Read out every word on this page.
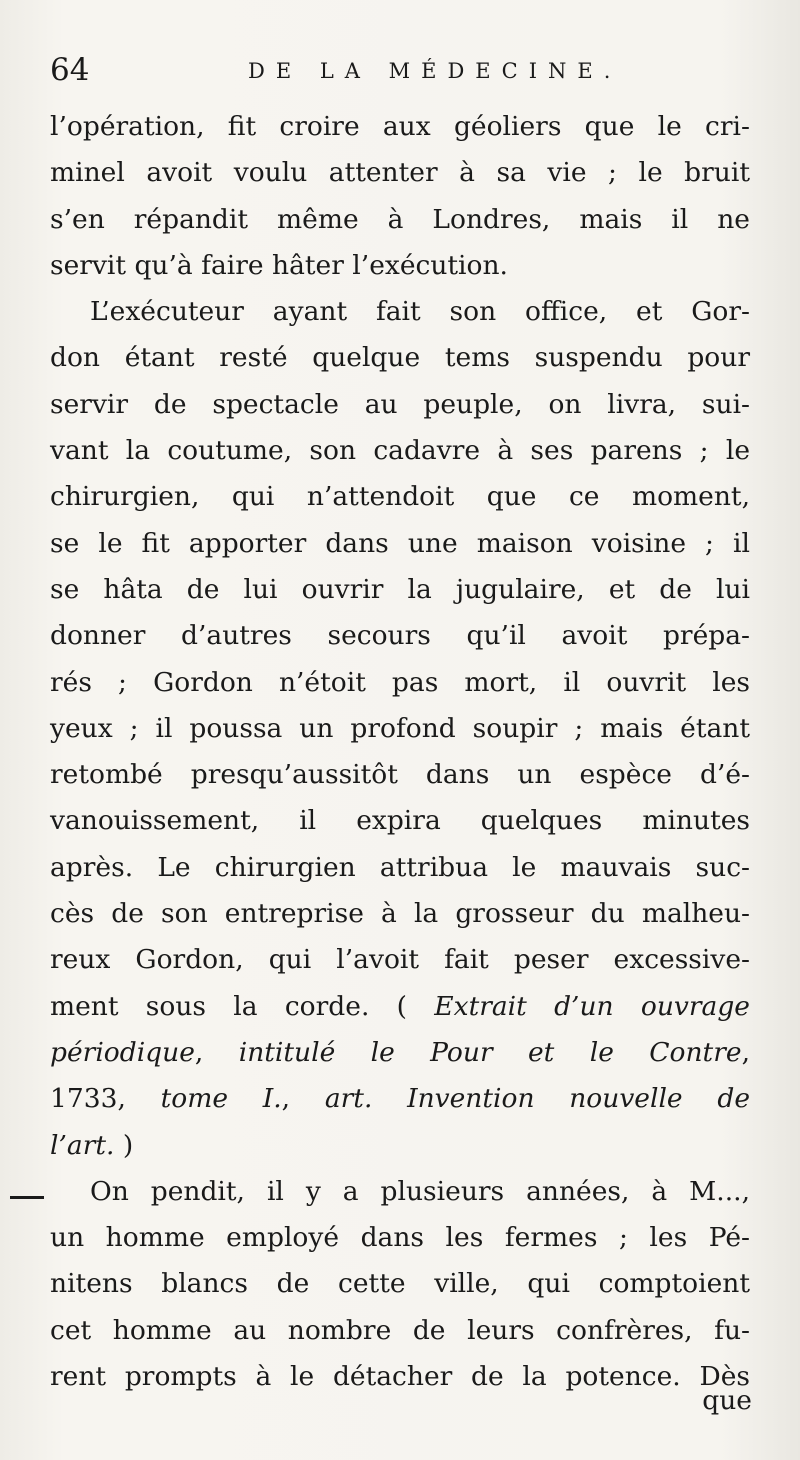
64	DE LA MÉDECINE.

l’opération, fit croire aux géoliers que le cri-
minel avoit voulu attenter à sa vie ; le bruit
s’en répandit même à Londres, mais il ne
servit qu’à faire hâter l’exécution.

L’exécuteur ayant fait son office, et Gor-
don étant resté quelque tems suspendu pour
servir de spectacle au peuple, on livra, sui-
vant la coutume, son cadavre à ses parens ; le
chirurgien, qui n’attendoit que ce moment,
se le fit apporter dans une maison voisine ; il
se hâta de lui ouvrir la jugulaire, et de lui
donner d’autres secours qu’il avoit prépa-
rés ; Gordon n’étoit pas mort, il ouvrit les
yeux ; il poussa un profond soupir ; mais étant
retombé presqu’aussitôt dans un espèce d’é-
vanouissement, il expira quelques minutes
après. Le chirurgien attribua le mauvais suc-
cès de son entreprise à la grosseur du malheu-
reux Gordon, qui l’avoit fait peser excessive-
ment sous la corde. ( Extrait d’un ouvrage
périodique, intitulé le Pour et le Contre,
1733, tome I., art. Invention nouvelle de
l’art. )

On pendit, il y a plusieurs années, à M...,
un homme employé dans les fermes ; les Pé-
nitens blancs de cette ville, qui comptoient
cet homme au nombre de leurs confrères, fu-
rent prompts à le détacher de la potence. Dès

que
